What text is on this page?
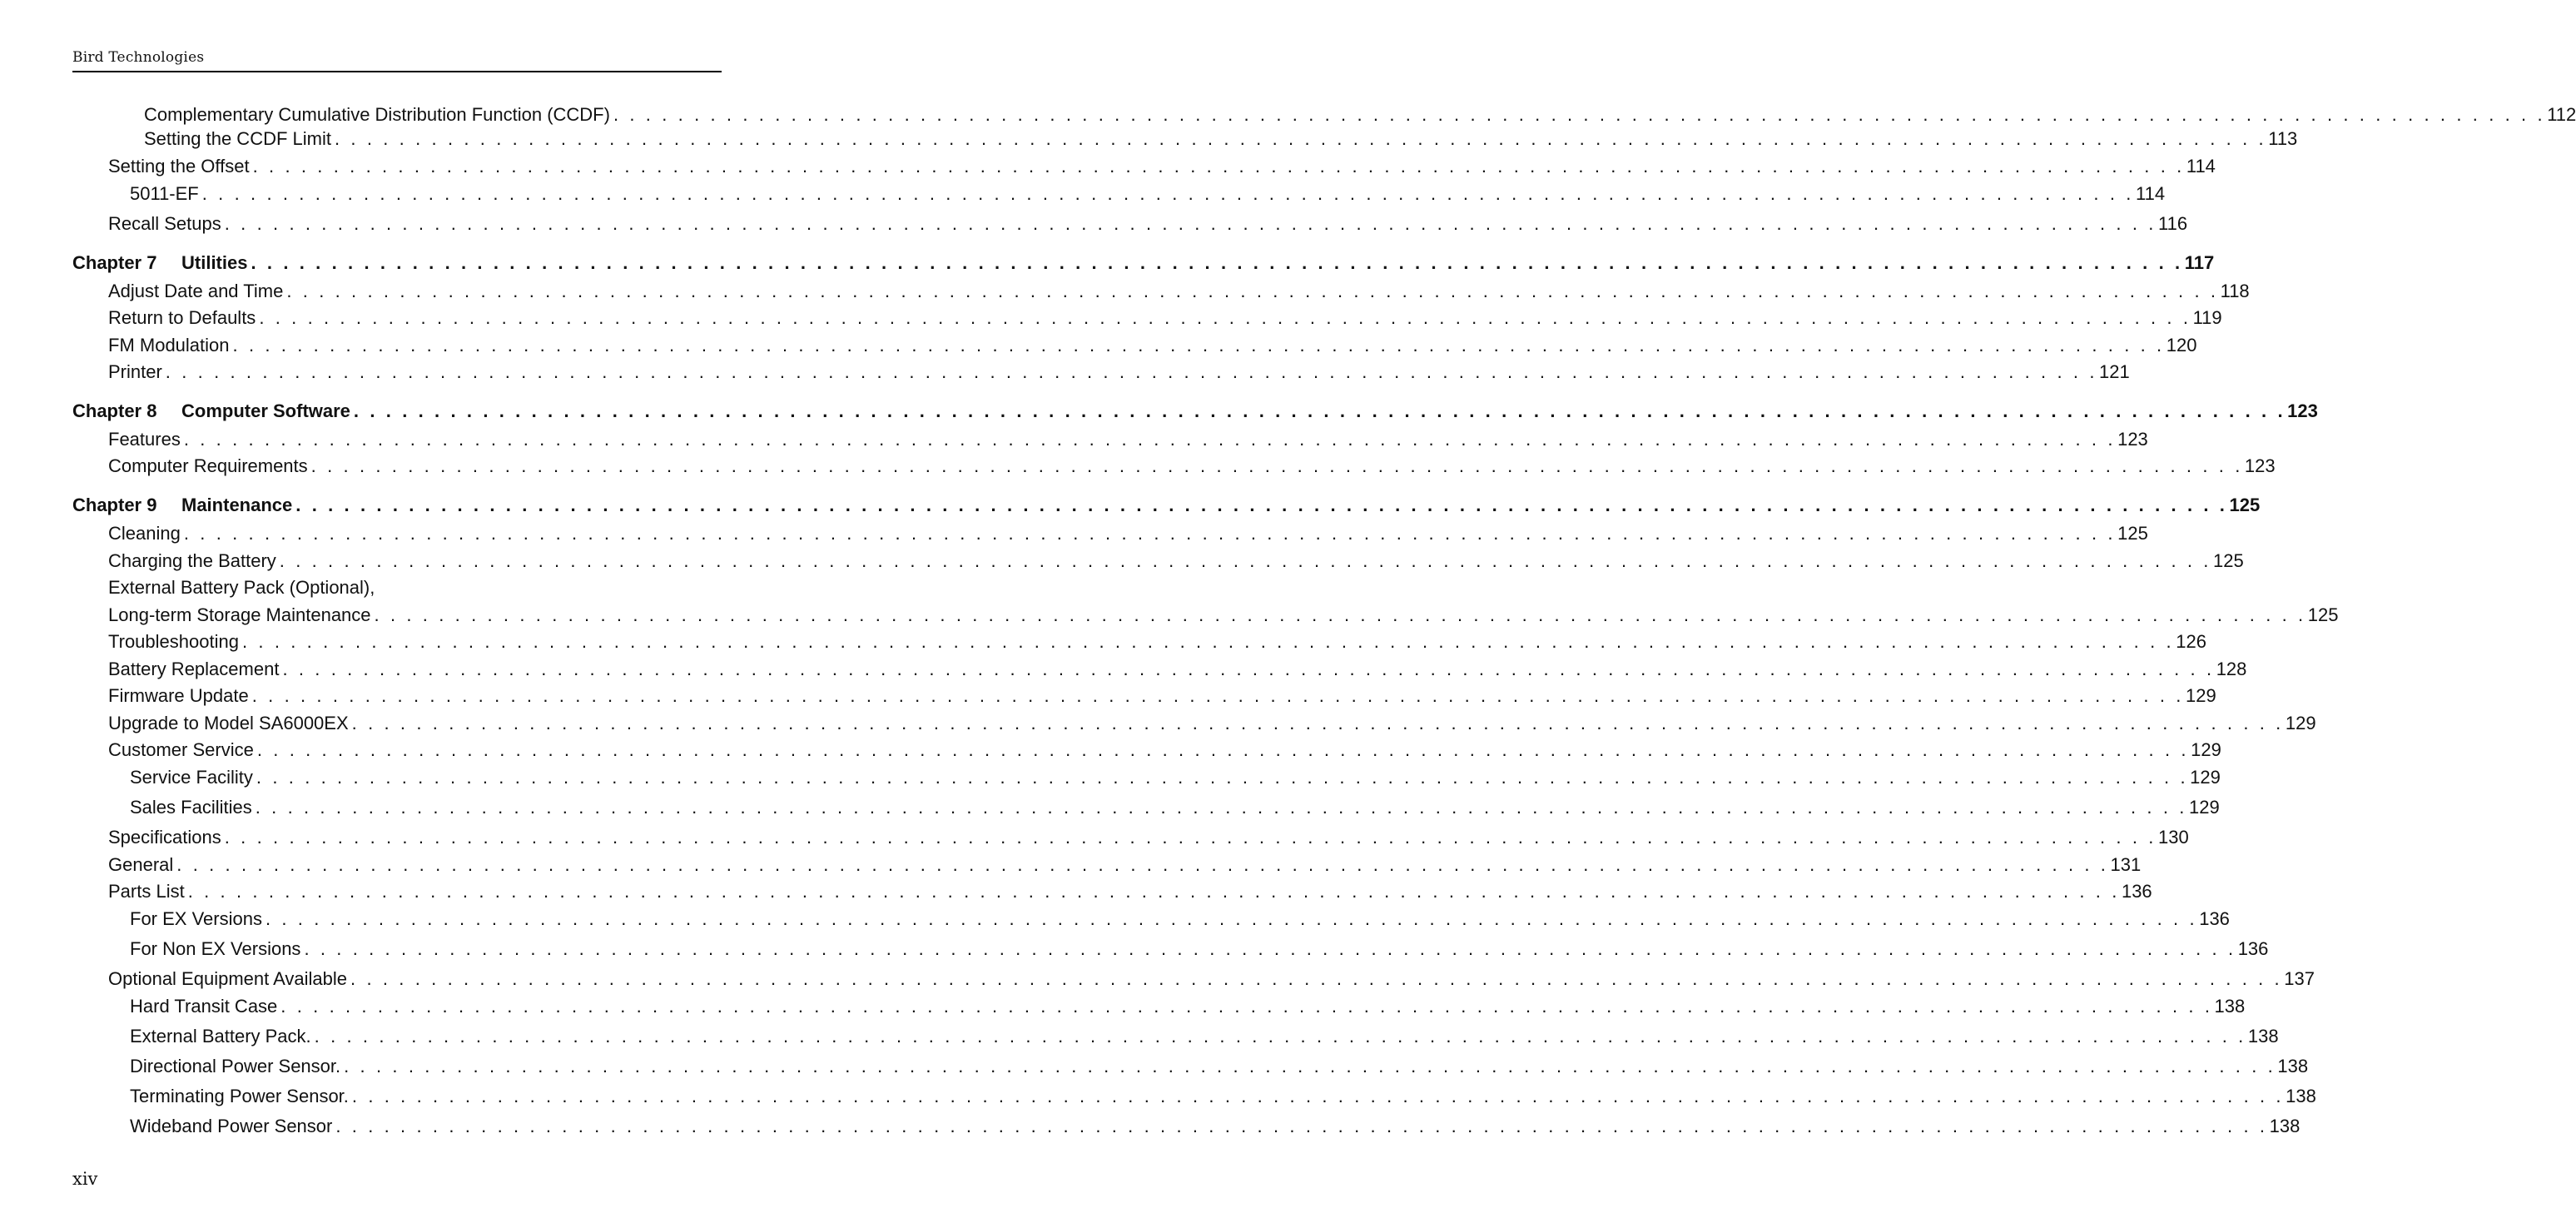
Bird Technologies
Complementary Cumulative Distribution Function (CCDF) . . . . . . . . . . . . . . . . . . . . . . . . . . . . . . . . . . . . . . . . . . . . . . . . . . . . . . . . . . . . . . . . . . . . . . . . . . . . . . . . . . . . . . . . . . . . . . . . . . . . . . . . . . . . . . . . . . . . . . . . 112
Setting the CCDF Limit . . . . . . . . . . . . . . . . . . . . . . . . . . . . . . . . . . . . . . . . . . . . . . . . . . . . . . . . . . . . . . . . . . . . . . . . . . . . . . . . . . . . . . . . . . . . . . . . . . . . . . . . . . . . . . . . . . . . . . . . 113
Setting the Offset . . . . . . . . . . . . . . . . . . . . . . . . . . . . . . . . . . . . . . . . . . . . . . . . . . . . . . . . . . . . . . . . . . . . . . . . . . . . . . . . . . . . . . . . . . . . . . . . . . . . . . . . . . . . . . . . . . . . . . . . 114
5011-EF . . . . . . . . . . . . . . . . . . . . . . . . . . . . . . . . . . . . . . . . . . . . . . . . . . . . . . . . . . . . . . . . . . . . . . . . . . . . . . . . . . . . . . . . . . . . . . . . . . . . . . . . . . . . . . . . . . . . . . . . 114
Recall Setups . . . . . . . . . . . . . . . . . . . . . . . . . . . . . . . . . . . . . . . . . . . . . . . . . . . . . . . . . . . . . . . . . . . . . . . . . . . . . . . . . . . . . . . . . . . . . . . . . . . . . . . . . . . . . . . . . . . . . . . . 116
Chapter 7 Utilities . . . . . . . . . . . . . . . . . . . . . . . . . . . . . . . . . . . . . . . . . . . . . . . . . . . . . . . . . . . . . . . . . . . . . . . . . . . . . . . . . . . . . . . . . . . . . . . . . . . . . . . . . . . . . . . . . . . . . . . . 117
Adjust Date and Time . . . . . . . . . . . . . . . . . . . . . . . . . . . . . . . . . . . . . . . . . . . . . . . . . . . . . . . . . . . . . . . . . . . . . . . . . . . . . . . . . . . . . . . . . . . . . . . . . . . . . . . . . . . . . . . . . . . . . . . . 118
Return to Defaults . . . . . . . . . . . . . . . . . . . . . . . . . . . . . . . . . . . . . . . . . . . . . . . . . . . . . . . . . . . . . . . . . . . . . . . . . . . . . . . . . . . . . . . . . . . . . . . . . . . . . . . . . . . . . . . . . . . . . . . . 119
FM Modulation . . . . . . . . . . . . . . . . . . . . . . . . . . . . . . . . . . . . . . . . . . . . . . . . . . . . . . . . . . . . . . . . . . . . . . . . . . . . . . . . . . . . . . . . . . . . . . . . . . . . . . . . . . . . . . . . . . . . . . . . 120
Printer . . . . . . . . . . . . . . . . . . . . . . . . . . . . . . . . . . . . . . . . . . . . . . . . . . . . . . . . . . . . . . . . . . . . . . . . . . . . . . . . . . . . . . . . . . . . . . . . . . . . . . . . . . . . . . . . . . . . . . . . 121
Chapter 8 Computer Software . . . . . . . . . . . . . . . . . . . . . . . . . . . . . . . . . . . . . . . . . . . . . . . . . . . . . . . . . . . . . . . . . . . . . . . . . . . . . . . . . . . . . . . . . . . . . . . . . . . . . . . . . . . . . . . . . . . . . . . . 123
Features . . . . . . . . . . . . . . . . . . . . . . . . . . . . . . . . . . . . . . . . . . . . . . . . . . . . . . . . . . . . . . . . . . . . . . . . . . . . . . . . . . . . . . . . . . . . . . . . . . . . . . . . . . . . . . . . . . . . . . . . 123
Computer Requirements . . . . . . . . . . . . . . . . . . . . . . . . . . . . . . . . . . . . . . . . . . . . . . . . . . . . . . . . . . . . . . . . . . . . . . . . . . . . . . . . . . . . . . . . . . . . . . . . . . . . . . . . . . . . . . . . . . . . . . . . 123
Chapter 9 Maintenance . . . . . . . . . . . . . . . . . . . . . . . . . . . . . . . . . . . . . . . . . . . . . . . . . . . . . . . . . . . . . . . . . . . . . . . . . . . . . . . . . . . . . . . . . . . . . . . . . . . . . . . . . . . . . . . . . . . . . . . . 125
Cleaning . . . . . . . . . . . . . . . . . . . . . . . . . . . . . . . . . . . . . . . . . . . . . . . . . . . . . . . . . . . . . . . . . . . . . . . . . . . . . . . . . . . . . . . . . . . . . . . . . . . . . . . . . . . . . . . . . . . . . . . . 125
Charging the Battery . . . . . . . . . . . . . . . . . . . . . . . . . . . . . . . . . . . . . . . . . . . . . . . . . . . . . . . . . . . . . . . . . . . . . . . . . . . . . . . . . . . . . . . . . . . . . . . . . . . . . . . . . . . . . . . . . . . . . . . . 125
External Battery Pack (Optional),
Long-term Storage Maintenance . . . . . . . . . . . . . . . . . . . . . . . . . . . . . . . . . . . . . . . . . . . . . . . . . . . . . . . . . . . . . . . . . . . . . . . . . . . . . . . . . . . . . . . . . . . . . . . . . . . . . . . . . . . . . . . . . . . . . . . . 125
Troubleshooting . . . . . . . . . . . . . . . . . . . . . . . . . . . . . . . . . . . . . . . . . . . . . . . . . . . . . . . . . . . . . . . . . . . . . . . . . . . . . . . . . . . . . . . . . . . . . . . . . . . . . . . . . . . . . . . . . . . . . . . . 126
Battery Replacement . . . . . . . . . . . . . . . . . . . . . . . . . . . . . . . . . . . . . . . . . . . . . . . . . . . . . . . . . . . . . . . . . . . . . . . . . . . . . . . . . . . . . . . . . . . . . . . . . . . . . . . . . . . . . . . . . . . . . . . . 128
Firmware Update . . . . . . . . . . . . . . . . . . . . . . . . . . . . . . . . . . . . . . . . . . . . . . . . . . . . . . . . . . . . . . . . . . . . . . . . . . . . . . . . . . . . . . . . . . . . . . . . . . . . . . . . . . . . . . . . . . . . . . . . 129
Upgrade to Model SA6000EX . . . . . . . . . . . . . . . . . . . . . . . . . . . . . . . . . . . . . . . . . . . . . . . . . . . . . . . . . . . . . . . . . . . . . . . . . . . . . . . . . . . . . . . . . . . . . . . . . . . . . . . . . . . . . . . . . . . . . . . . 129
Customer Service . . . . . . . . . . . . . . . . . . . . . . . . . . . . . . . . . . . . . . . . . . . . . . . . . . . . . . . . . . . . . . . . . . . . . . . . . . . . . . . . . . . . . . . . . . . . . . . . . . . . . . . . . . . . . . . . . . . . . . . . 129
Service Facility . . . . . . . . . . . . . . . . . . . . . . . . . . . . . . . . . . . . . . . . . . . . . . . . . . . . . . . . . . . . . . . . . . . . . . . . . . . . . . . . . . . . . . . . . . . . . . . . . . . . . . . . . . . . . . . . . . . . . . . . 129
Sales Facilities . . . . . . . . . . . . . . . . . . . . . . . . . . . . . . . . . . . . . . . . . . . . . . . . . . . . . . . . . . . . . . . . . . . . . . . . . . . . . . . . . . . . . . . . . . . . . . . . . . . . . . . . . . . . . . . . . . . . . . . . 129
Specifications . . . . . . . . . . . . . . . . . . . . . . . . . . . . . . . . . . . . . . . . . . . . . . . . . . . . . . . . . . . . . . . . . . . . . . . . . . . . . . . . . . . . . . . . . . . . . . . . . . . . . . . . . . . . . . . . . . . . . . . . 130
General . . . . . . . . . . . . . . . . . . . . . . . . . . . . . . . . . . . . . . . . . . . . . . . . . . . . . . . . . . . . . . . . . . . . . . . . . . . . . . . . . . . . . . . . . . . . . . . . . . . . . . . . . . . . . . . . . . . . . . . . 131
Parts List . . . . . . . . . . . . . . . . . . . . . . . . . . . . . . . . . . . . . . . . . . . . . . . . . . . . . . . . . . . . . . . . . . . . . . . . . . . . . . . . . . . . . . . . . . . . . . . . . . . . . . . . . . . . . . . . . . . . . . . . 136
For EX Versions . . . . . . . . . . . . . . . . . . . . . . . . . . . . . . . . . . . . . . . . . . . . . . . . . . . . . . . . . . . . . . . . . . . . . . . . . . . . . . . . . . . . . . . . . . . . . . . . . . . . . . . . . . . . . . . . . . . . . . . . 136
For Non EX Versions . . . . . . . . . . . . . . . . . . . . . . . . . . . . . . . . . . . . . . . . . . . . . . . . . . . . . . . . . . . . . . . . . . . . . . . . . . . . . . . . . . . . . . . . . . . . . . . . . . . . . . . . . . . . . . . . . . . . . . . . 136
Optional Equipment Available . . . . . . . . . . . . . . . . . . . . . . . . . . . . . . . . . . . . . . . . . . . . . . . . . . . . . . . . . . . . . . . . . . . . . . . . . . . . . . . . . . . . . . . . . . . . . . . . . . . . . . . . . . . . . . . . . . . . . . . . 137
Hard Transit Case . . . . . . . . . . . . . . . . . . . . . . . . . . . . . . . . . . . . . . . . . . . . . . . . . . . . . . . . . . . . . . . . . . . . . . . . . . . . . . . . . . . . . . . . . . . . . . . . . . . . . . . . . . . . . . . . . . . . . . . . 138
External Battery Pack. . . . . . . . . . . . . . . . . . . . . . . . . . . . . . . . . . . . . . . . . . . . . . . . . . . . . . . . . . . . . . . . . . . . . . . . . . . . . . . . . . . . . . . . . . . . . . . . . . . . . . . . . . . . . . . . . . . . . . . . . 138
Directional Power Sensor. . . . . . . . . . . . . . . . . . . . . . . . . . . . . . . . . . . . . . . . . . . . . . . . . . . . . . . . . . . . . . . . . . . . . . . . . . . . . . . . . . . . . . . . . . . . . . . . . . . . . . . . . . . . . . . . . . . . . . . . . 138
Terminating Power Sensor. . . . . . . . . . . . . . . . . . . . . . . . . . . . . . . . . . . . . . . . . . . . . . . . . . . . . . . . . . . . . . . . . . . . . . . . . . . . . . . . . . . . . . . . . . . . . . . . . . . . . . . . . . . . . . . . . . . . . . . . . 138
Wideband Power Sensor . . . . . . . . . . . . . . . . . . . . . . . . . . . . . . . . . . . . . . . . . . . . . . . . . . . . . . . . . . . . . . . . . . . . . . . . . . . . . . . . . . . . . . . . . . . . . . . . . . . . . . . . . . . . . . . . . . . . . . . . 138
xiv
